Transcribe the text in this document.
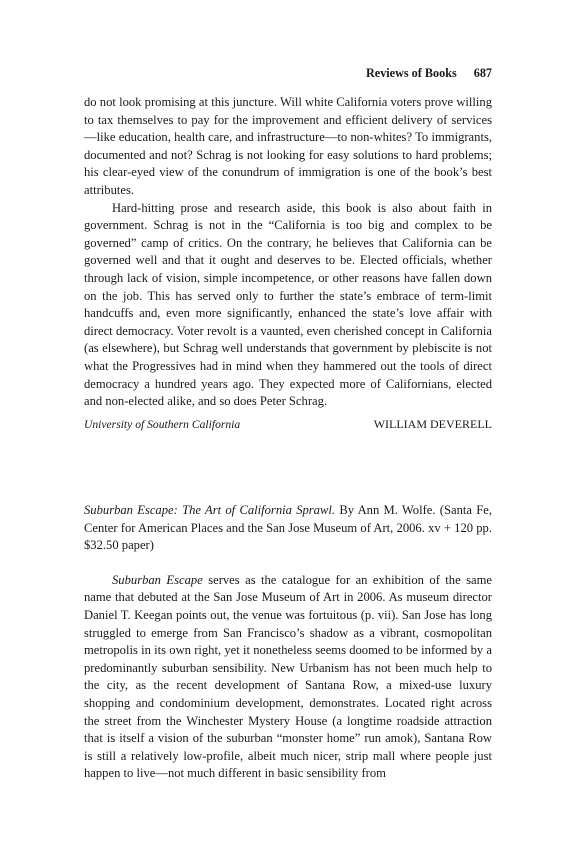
Reviews of Books 687

do not look promising at this juncture. Will white California voters prove willing to tax themselves to pay for the improvement and efficient delivery of services—like education, health care, and infrastructure—to non-whites? To immigrants, documented and not? Schrag is not looking for easy solutions to hard problems; his clear-eyed view of the conundrum of immigration is one of the book’s best attributes.

Hard-hitting prose and research aside, this book is also about faith in government. Schrag is not in the “California is too big and complex to be governed” camp of critics. On the contrary, he believes that California can be governed well and that it ought and deserves to be. Elected officials, whether through lack of vision, simple incompetence, or other reasons have fallen down on the job. This has served only to further the state’s embrace of term-limit handcuffs and, even more significantly, enhanced the state’s love affair with direct democracy. Voter revolt is a vaunted, even cherished concept in California (as elsewhere), but Schrag well understands that government by plebiscite is not what the Progressives had in mind when they hammered out the tools of direct democracy a hundred years ago. They expected more of Californians, elected and non-elected alike, and so does Peter Schrag.

University of Southern California	WILLIAM DEVERELL

Suburban Escape: The Art of California Sprawl. By Ann M. Wolfe. (Santa Fe, Center for American Places and the San Jose Museum of Art, 2006. xv + 120 pp. $32.50 paper)

Suburban Escape serves as the catalogue for an exhibition of the same name that debuted at the San Jose Museum of Art in 2006. As museum director Daniel T. Keegan points out, the venue was fortuitous (p. vii). San Jose has long struggled to emerge from San Francisco’s shadow as a vibrant, cosmopolitan metropolis in its own right, yet it nonetheless seems doomed to be informed by a predominantly suburban sensibility. New Urbanism has not been much help to the city, as the recent development of Santana Row, a mixed-use luxury shopping and condominium development, demonstrates. Located right across the street from the Winchester Mystery House (a longtime roadside attraction that is itself a vision of the suburban “monster home” run amok), Santana Row is still a relatively low-profile, albeit much nicer, strip mall where people just happen to live—not much different in basic sensibility from
